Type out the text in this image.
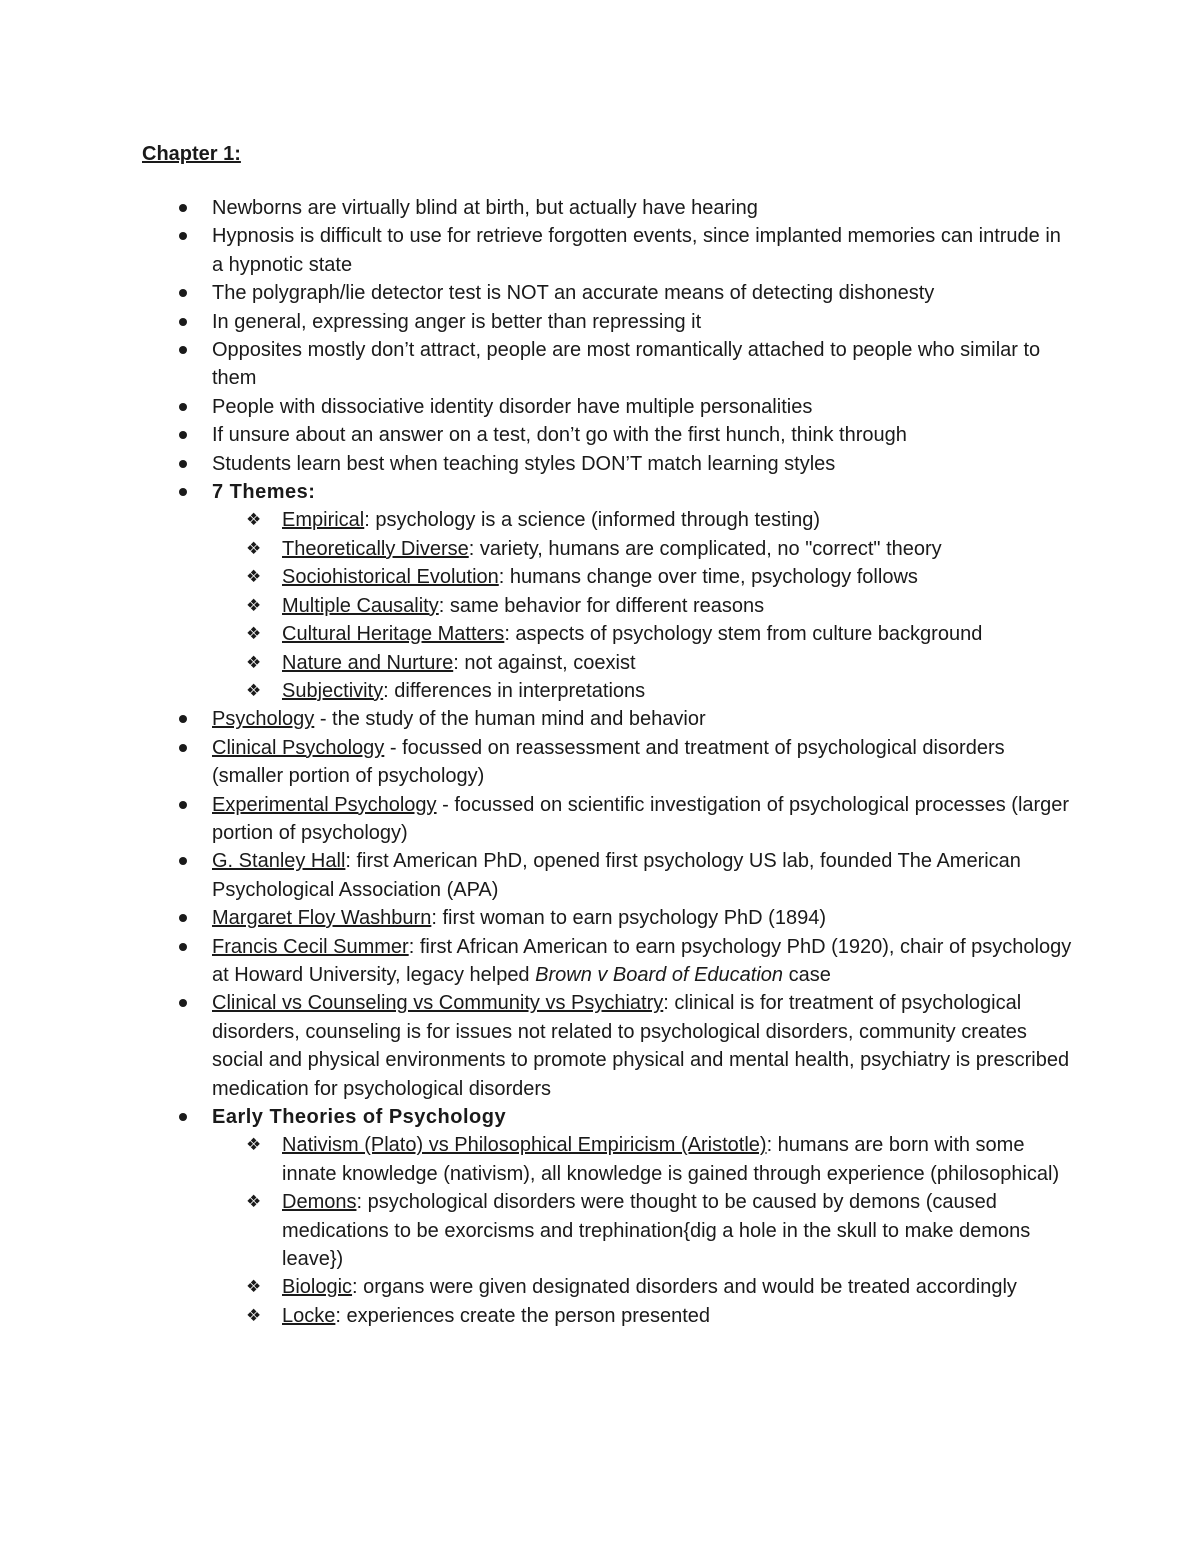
Chapter 1:
Newborns are virtually blind at birth, but actually have hearing
Hypnosis is difficult to use for retrieve forgotten events, since implanted memories can intrude in a hypnotic state
The polygraph/lie detector test is NOT an accurate means of detecting dishonesty
In general, expressing anger is better than repressing it
Opposites mostly don’t attract, people are most romantically attached to people who similar to them
People with dissociative identity disorder have multiple personalities
If unsure about an answer on a test, don’t go with the first hunch, think through
Students learn best when teaching styles DON’T match learning styles
7 Themes:
❖ Empirical: psychology is a science (informed through testing)
❖ Theoretically Diverse: variety, humans are complicated, no "correct" theory
❖ Sociohistorical Evolution: humans change over time, psychology follows
❖ Multiple Causality: same behavior for different reasons
❖ Cultural Heritage Matters: aspects of psychology stem from culture background
❖ Nature and Nurture: not against, coexist
❖ Subjectivity: differences in interpretations
Psychology - the study of the human mind and behavior
Clinical Psychology - focussed on reassessment and treatment of psychological disorders (smaller portion of psychology)
Experimental Psychology - focussed on scientific investigation of psychological processes (larger portion of psychology)
G. Stanley Hall: first American PhD, opened first psychology US lab, founded The American Psychological Association (APA)
Margaret Floy Washburn: first woman to earn psychology PhD (1894)
Francis Cecil Summer: first African American to earn psychology PhD (1920), chair of psychology at Howard University, legacy helped Brown v Board of Education case
Clinical vs Counseling vs Community vs Psychiatry: clinical is for treatment of psychological disorders, counseling is for issues not related to psychological disorders, community creates social and physical environments to promote physical and mental health, psychiatry is prescribed medication for psychological disorders
Early Theories of Psychology
❖ Nativism (Plato) vs Philosophical Empiricism (Aristotle): humans are born with some innate knowledge (nativism), all knowledge is gained through experience (philosophical)
❖ Demons: psychological disorders were thought to be caused by demons (caused medications to be exorcisms and trephination{dig a hole in the skull to make demons leave})
❖ Biologic: organs were given designated disorders and would be treated accordingly
❖ Locke: experiences create the person presented
